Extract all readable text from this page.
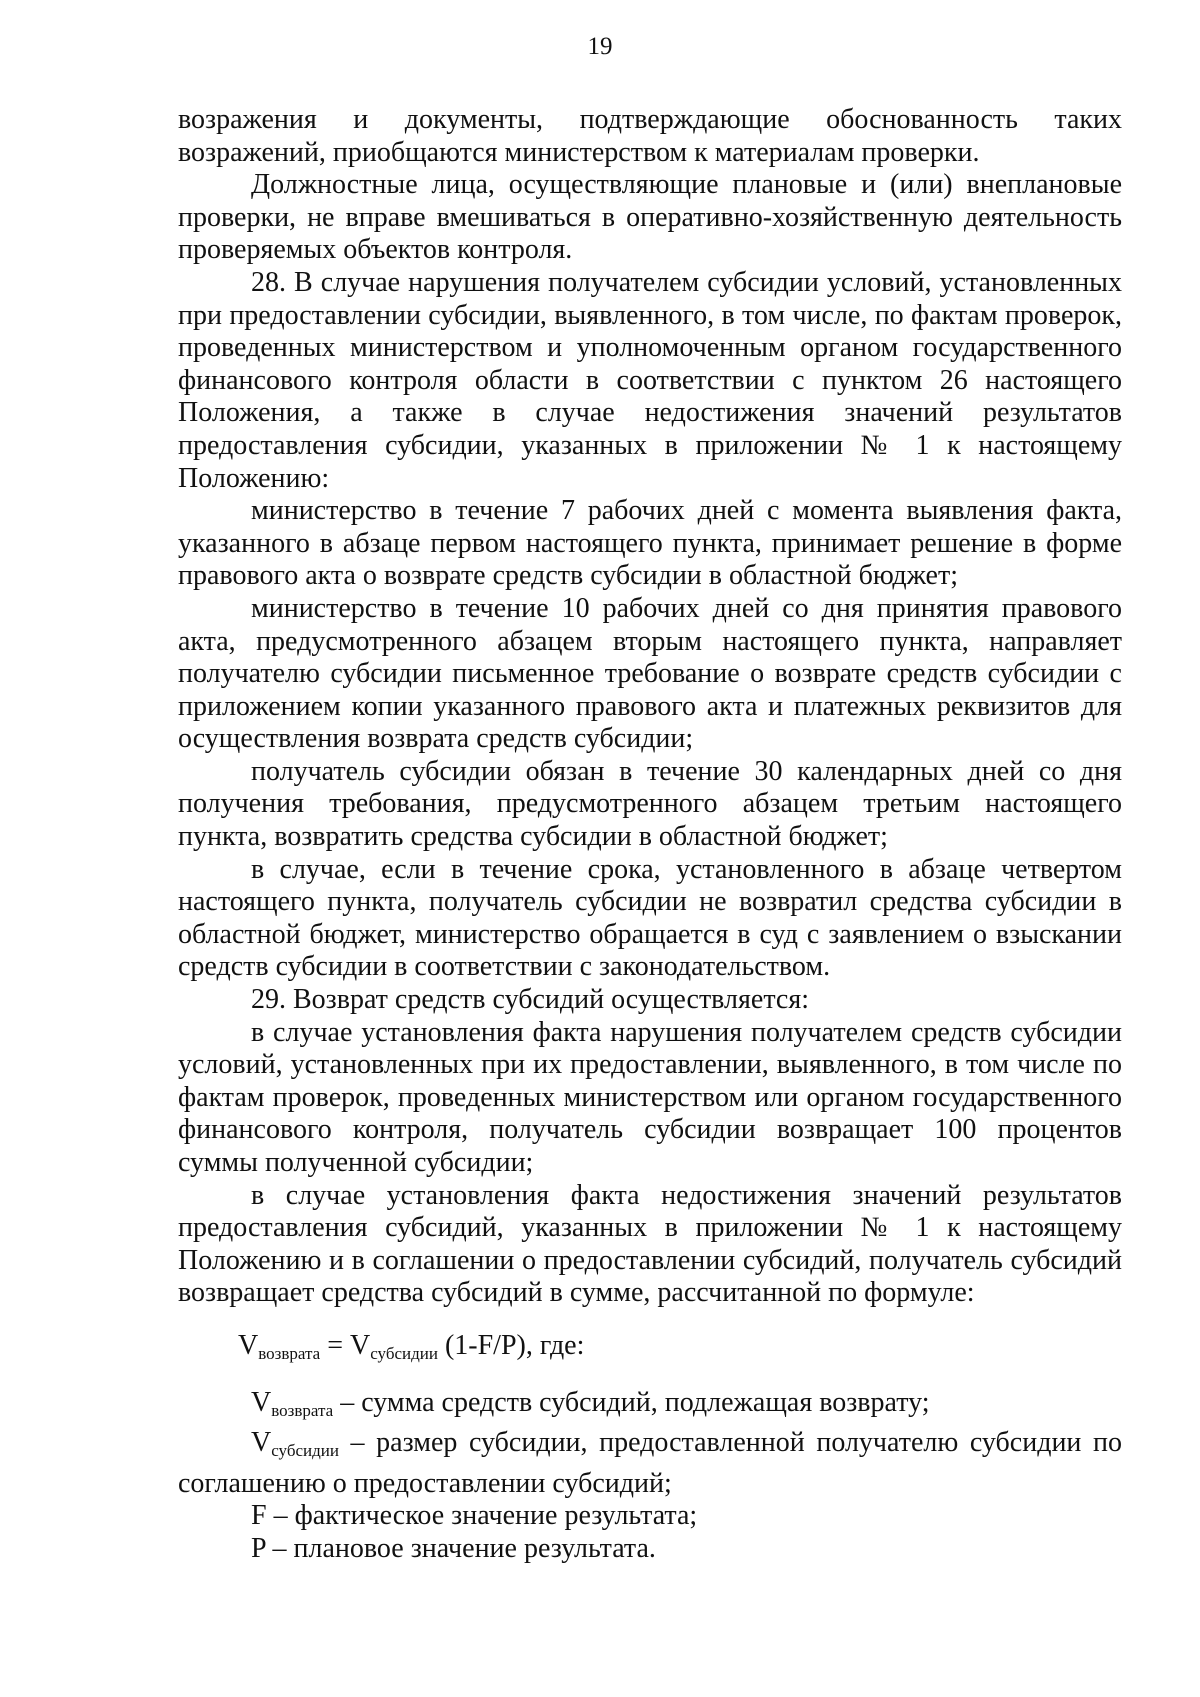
19

возражения и документы, подтверждающие обоснованность таких возражений, приобщаются министерством к материалам проверки.

Должностные лица, осуществляющие плановые и (или) внеплановые проверки, не вправе вмешиваться в оперативно-хозяйственную деятельность проверяемых объектов контроля.

28. В случае нарушения получателем субсидии условий, установленных при предоставлении субсидии, выявленного, в том числе, по фактам проверок, проведенных министерством и уполномоченным органом государственного финансового контроля области в соответствии с пунктом 26 настоящего Положения, а также в случае недостижения значений результатов предоставления субсидии, указанных в приложении № 1 к настоящему Положению:

министерство в течение 7 рабочих дней с момента выявления факта, указанного в абзаце первом настоящего пункта, принимает решение в форме правового акта о возврате средств субсидии в областной бюджет;

министерство в течение 10 рабочих дней со дня принятия правового акта, предусмотренного абзацем вторым настоящего пункта, направляет получателю субсидии письменное требование о возврате средств субсидии с приложением копии указанного правового акта и платежных реквизитов для осуществления возврата средств субсидии;

получатель субсидии обязан в течение 30 календарных дней со дня получения требования, предусмотренного абзацем третьим настоящего пункта, возвратить средства субсидии в областной бюджет;

в случае, если в течение срока, установленного в абзаце четвертом настоящего пункта, получатель субсидии не возвратил средства субсидии в областной бюджет, министерство обращается в суд с заявлением о взыскании средств субсидии в соответствии с законодательством.

29. Возврат средств субсидий осуществляется:

в случае установления факта нарушения получателем средств субсидии условий, установленных при их предоставлении, выявленного, в том числе по фактам проверок, проведенных министерством или органом государственного финансового контроля, получатель субсидии возвращает 100 процентов суммы полученной субсидии;

в случае установления факта недостижения значений результатов предоставления субсидий, указанных в приложении № 1 к настоящему Положению и в соглашении о предоставлении субсидий, получатель субсидий возвращает средства субсидий в сумме, рассчитанной по формуле:

$V_{возврата} = V_{субсидии}$ (1-F/P), где:

$V_{возврата}$ – сумма средств субсидий, подлежащая возврату;

$V_{субсидии}$ – размер субсидии, предоставленной получателю субсидии по соглашению о предоставлении субсидий;

F – фактическое значение результата;

P – плановое значение результата.
